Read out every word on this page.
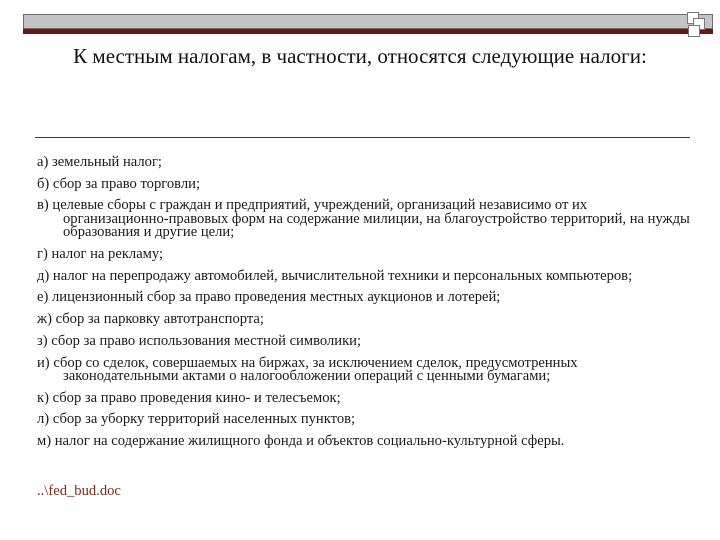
К местным налогам, в частности, относятся следующие налоги:
а) земельный налог;
б) сбор за право торговли;
в) целевые сборы с граждан и предприятий, учреждений, организаций независимо от их организационно-правовых форм на содержание милиции, на благоустройство территорий, на нужды образования и другие цели;
г) налог на рекламу;
д) налог на перепродажу автомобилей, вычислительной техники и персональных компьютеров;
е) лицензионный сбор за право проведения местных аукционов и лотерей;
ж) сбор за парковку автотранспорта;
з) сбор за право использования местной символики;
и) сбор со сделок, совершаемых на биржах, за исключением сделок, предусмотренных законодательными актами о налогообложении операций с ценными бумагами;
к) сбор за право проведения кино- и телесъемок;
л) сбор за уборку территорий населенных пунктов;
м) налог на содержание жилищного фонда и объектов социально-культурной сферы.
..\fed_bud.doc
